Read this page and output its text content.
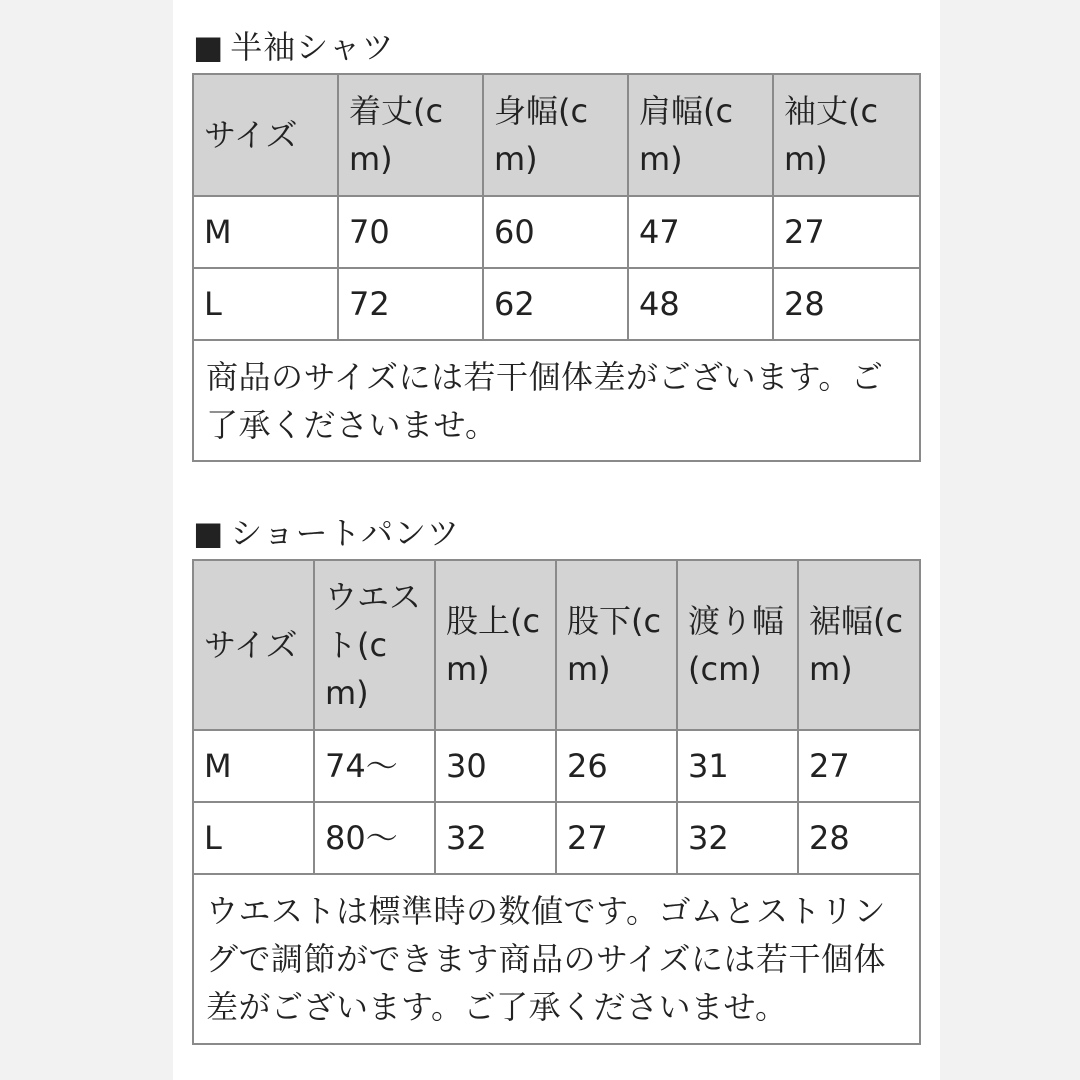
■ 半袖シャツ
サイズ	着丈(cm)	身幅(cm)	肩幅(cm)	袖丈(cm)
M	70	60	47	27
L	72	62	48	28
商品のサイズには若干個体差がございます。ご了承くださいませ。				
■ ショートパンツ
サイズ	ウエスト(cm)	股上(cm)	股下(cm)	渡り幅(cm)	裾幅(cm)
M	74～	30	26	31	27
L	80～	32	27	32	28
ウエストは標準時の数値です。ゴムとストリングで調節ができます商品のサイズには若干個体差がございます。ご了承くださいませ。					
